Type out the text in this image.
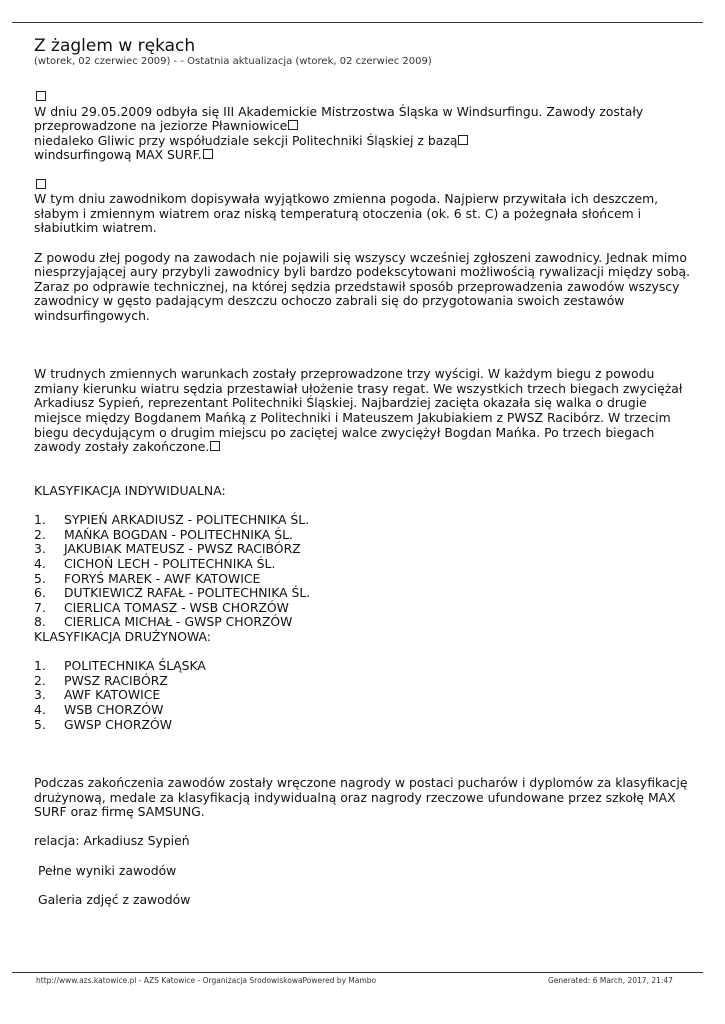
Z żaglem w rękach
(wtorek, 02 czerwiec 2009) - - Ostatnia aktualizacja (wtorek, 02 czerwiec 2009)

W dniu 29.05.2009 odbyła się III Akademickie Mistrzostwa Śląska w Windsurfingu. Zawody zostały
przeprowadzone na jeziorze Pławniowice
niedaleko Gliwic przy współudziale sekcji Politechniki Śląskiej z bazą
windsurfingową MAX SURF.

W tym dniu zawodnikom dopisywała wyjątkowo zmienna pogoda. Najpierw przywitała ich deszczem, słabym i zmiennym wiatrem oraz niską temperaturą otoczenia (ok. 6 st. C) a pożegnała słońcem i słabiutkim wiatrem.

Z powodu złej pogody na zawodach nie pojawili się wszyscy wcześniej zgłoszeni zawodnicy. Jednak mimo niesprzyjającej aury przybyli zawodnicy byli bardzo podekscytowani możliwością rywalizacji między sobą. Zaraz po odprawie technicznej, na której sędzia przedstawił sposób przeprowadzenia zawodów wszyscy zawodnicy w gęsto padającym deszczu ochoczo zabrali się do przygotowania swoich zestawów windsurfingowych.

W trudnych zmiennych warunkach zostały przeprowadzone trzy wyścigi. W każdym biegu z powodu zmiany kierunku wiatru sędzia przestawiał ułożenie trasy regat. We wszystkich trzech biegach zwyciężał Arkadiusz Sypień, reprezentant Politechniki Śląskiej. Najbardziej zacięta okazała się walka o drugie miejsce między Bogdanem Mańką z Politechniki i Mateuszem Jakubiakiem z PWSZ Racibórz. W trzecim biegu decydującym o drugim miejscu po zaciętej walce zwyciężył Bogdan Mańka. Po trzech biegach zawody zostały zakończone.

KLASYFIKACJA INDYWIDUALNA:

1.	SYPIEŃ ARKADIUSZ - POLITECHNIKA ŚL.
2.	MAŃKA BOGDAN - POLITECHNIKA ŚL.
3.	JAKUBIAK MATEUSZ - PWSZ RACIBÓRZ
4.	CICHOŃ LECH - POLITECHNIKA ŚL.
5.	FORYŚ MAREK - AWF KATOWICE
6.	DUTKIEWICZ RAFAŁ - POLITECHNIKA ŚL.
7.	CIERLICA TOMASZ - WSB CHORZÓW
8.	CIERLICA MICHAŁ - GWSP CHORZÓW

KLASYFIKACJA DRUŻYNOWA:

1.	POLITECHNIKA ŚLĄSKA
2.	PWSZ RACIBÓRZ
3.	AWF KATOWICE
4.	WSB CHORZÓW
5.	GWSP CHORZÓW

Podczas zakończenia zawodów zostały wręczone nagrody w postaci pucharów i dyplomów za klasyfikację drużynową, medale za klasyfikacją indywidualną oraz nagrody rzeczowe ufundowane przez szkołę MAX SURF oraz firmę SAMSUNG.

relacja: Arkadiusz Sypień

Pełne wyniki zawodów

Galeria zdjęć z zawodów

http://www.azs.katowice.pl - AZS Katowice - Organizacja SrodowiskowaPowered by Mambo	Generated: 6 March, 2017, 21:47
